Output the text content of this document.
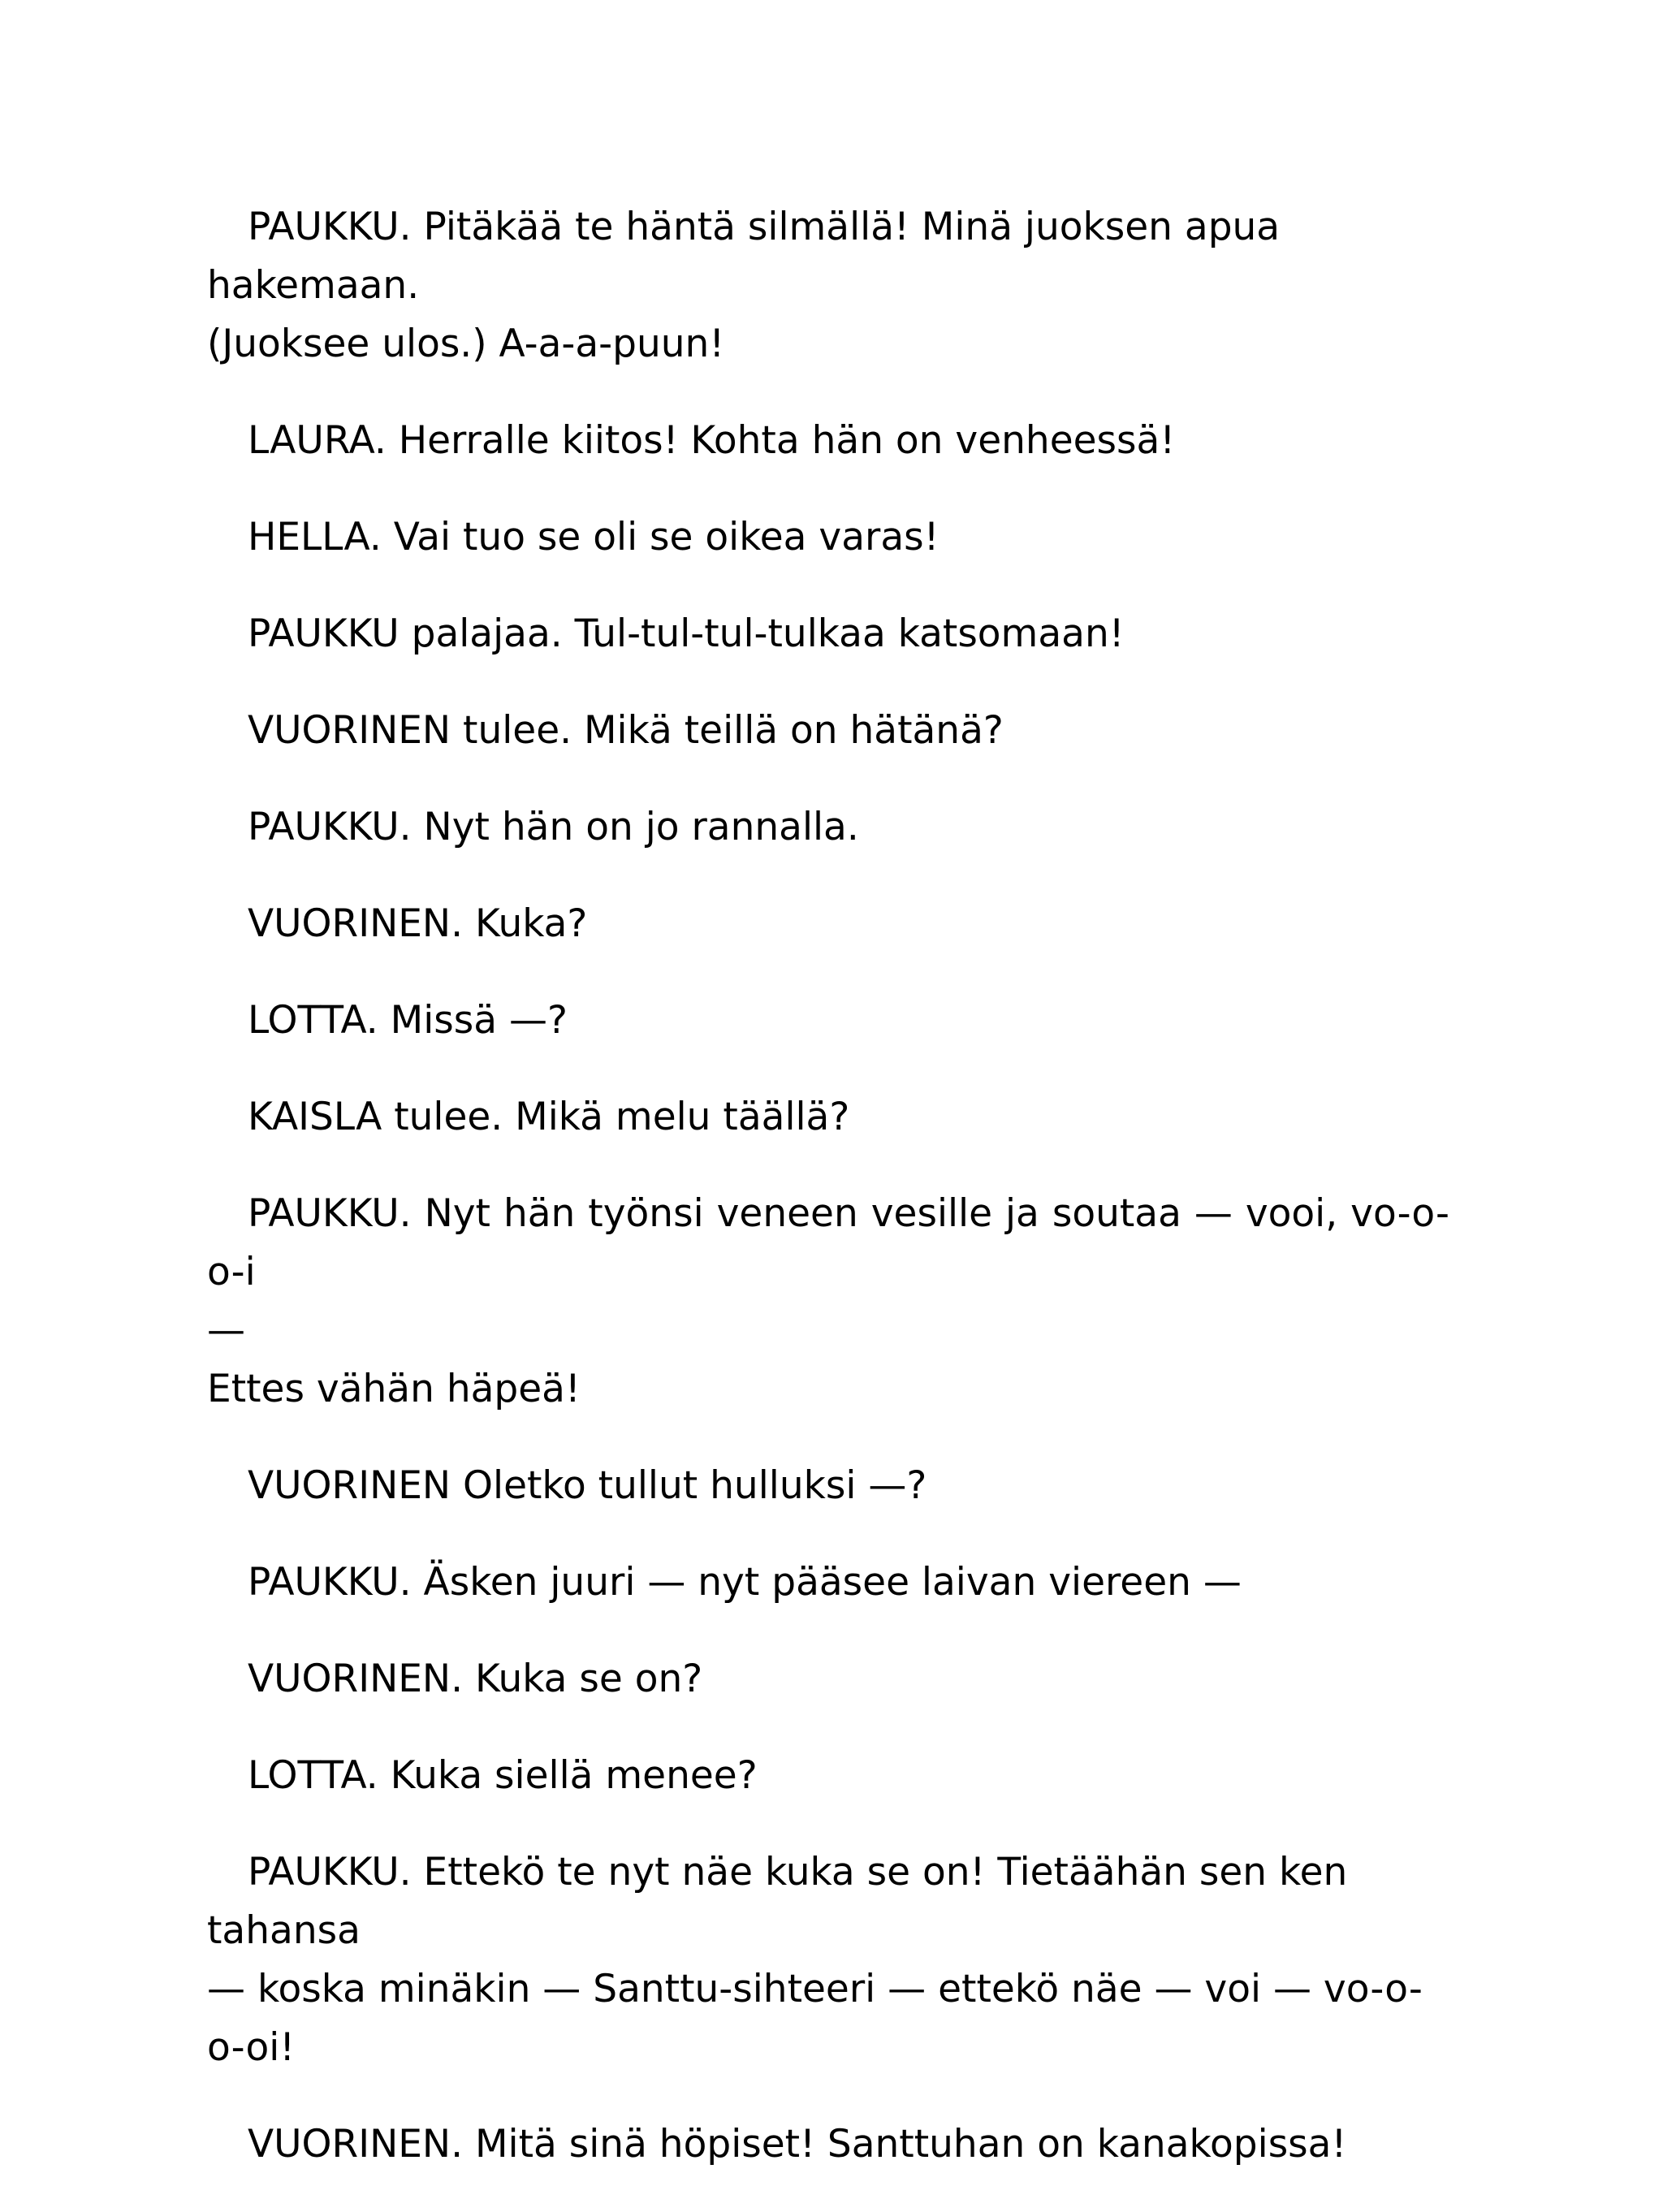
PAUKKU. Pitäkää te häntä silmällä! Minä juoksen apua hakemaan.
(Juoksee ulos.) A-a-a-puun!

LAURA. Herralle kiitos! Kohta hän on venheessä!

HELLA. Vai tuo se oli se oikea varas!

PAUKKU palajaa. Tul-tul-tul-tulkaa katsomaan!

VUORINEN tulee. Mikä teillä on hätänä?

PAUKKU. Nyt hän on jo rannalla.

VUORINEN. Kuka?

LOTTA. Missä —?

KAISLA tulee. Mikä melu täällä?

PAUKKU. Nyt hän työnsi veneen vesille ja soutaa — vooi, vo-o-o-i
—
Ettes vähän häpeä!

VUORINEN Oletko tullut hulluksi —?

PAUKKU. Äsken juuri — nyt pääsee laivan viereen —

VUORINEN. Kuka se on?

LOTTA. Kuka siellä menee?

PAUKKU. Ettekö te nyt näe kuka se on! Tietäähän sen ken tahansa
— koska minäkin — Santtu-sihteeri — ettekö näe — voi — vo-o-o-oi!

VUORINEN. Mitä sinä höpiset! Santtuhan on kanakopissa!
